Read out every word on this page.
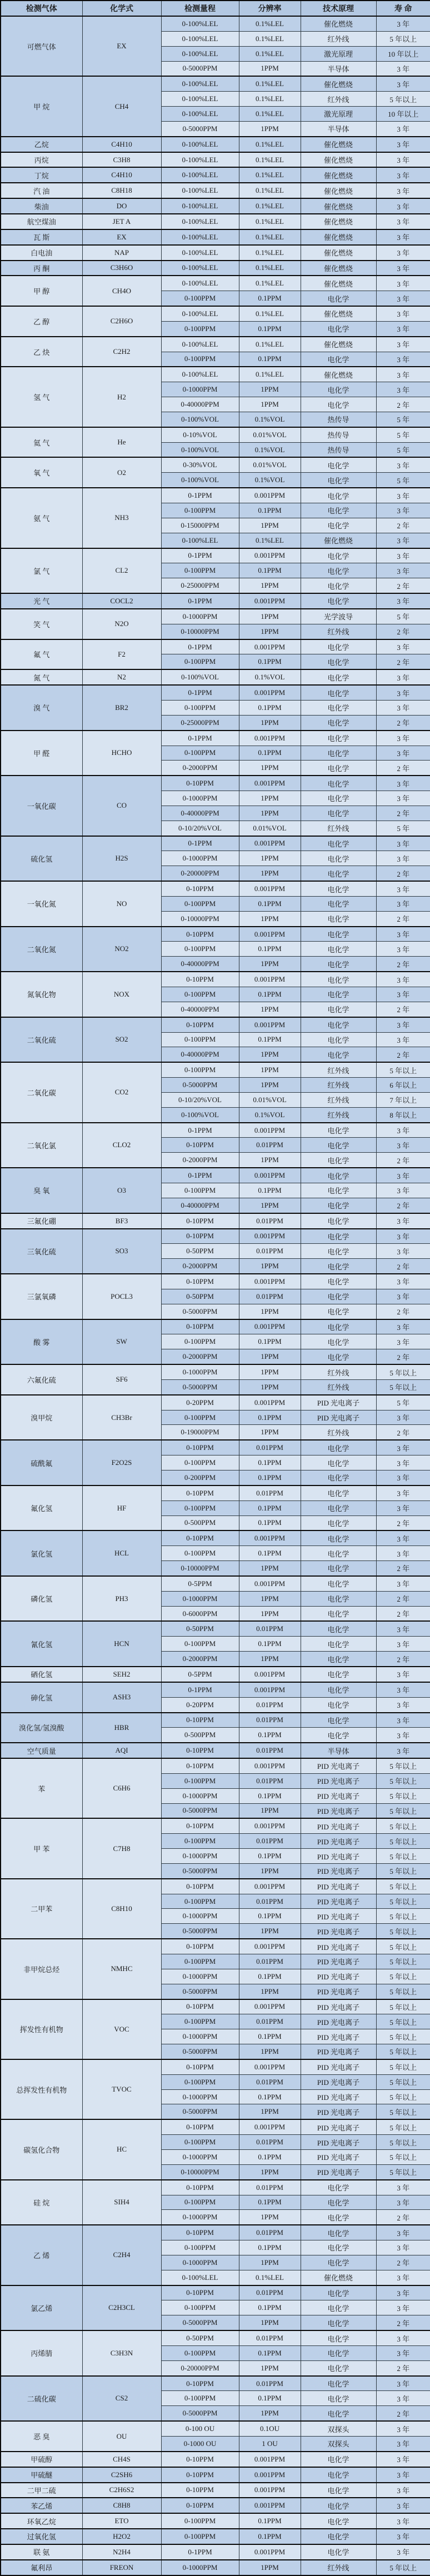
检测气体	化学式	检测量程	分辨率	技术原理	寿 命
可燃气体	EX	0-100%LEL	0.1%LEL	催化燃烧	3 年
		0-100%LEL	0.1%LEL	红外线	5 年以上
		0-100%LEL	0.1%LEL	激光原理	10 年以上
		0-5000PPM	1PPM	半导体	3 年
甲 烷	CH4	0-100%LEL	0.1%LEL	催化燃烧	3 年
		0-100%LEL	0.1%LEL	红外线	5 年以上
		0-100%LEL	0.1%LEL	激光原理	10 年以上
		0-5000PPM	1PPM	半导体	3 年
乙烷	C4H10	0-100%LEL	0.1%LEL	催化燃烧	3 年
丙烷	C3H8	0-100%LEL	0.1%LEL	催化燃烧	3 年
丁烷	C4H10	0-100%LEL	0.1%LEL	催化燃烧	3 年
汽 油	C8H18	0-100%LEL	0.1%LEL	催化燃烧	3 年
柴油	DO	0-100%LEL	0.1%LEL	催化燃烧	3 年
航空煤油	JET A	0-100%LEL	0.1%LEL	催化燃烧	3 年
瓦 斯	EX	0-100%LEL	0.1%LEL	催化燃烧	3 年
白电油	NAP	0-100%LEL	0.1%LEL	催化燃烧	3 年
丙 酮	C3H6O	0-100%LEL	0.1%LEL	催化燃烧	3 年
甲 醇	CH4O	0-100%LEL	0.1%LEL	催化燃烧	3 年
		0-100PPM	0.1PPM	电化学	3 年
乙 醇	C2H6O	0-100%LEL	0.1%LEL	催化燃烧	3 年
		0-100PPM	0.1PPM	电化学	3 年
乙 炔	C2H2	0-100%LEL	0.1%LEL	催化燃烧	3 年
		0-100PPM	0.1PPM	电化学	3 年
氢 气	H2	0-100%LEL	0.1%LEL	催化燃烧	3 年
		0-1000PPM	1PPM	电化学	3 年
		0-40000PPM	1PPM	电化学	2 年
		0-100%VOL	0.1%VOL	热传导	5 年
氦 气	He	0-10%VOL	0.01%VOL	热传导	5 年
		0-100%VOL	0.1%VOL	热传导	5 年
氧 气	O2	0-30%VOL	0.01%VOL	电化学	3 年
		0-100%VOL	0.1%VOL	电化学	5 年
氨 气	NH3	0-1PPM	0.001PPM	电化学	3 年
		0-100PPM	0.1PPM	电化学	3 年
		0-15000PPM	1PPM	电化学	2 年
		0-100%LEL	0.1%LEL	催化燃烧	3 年
氯 气	CL2	0-1PPM	0.001PPM	电化学	3 年
		0-100PPM	0.1PPM	电化学	3 年
		0-25000PPM	1PPM	电化学	2 年
光 气	COCL2	0-1PPM	0.001PPM	电化学	3 年
笑 气	N2O	0-1000PPM	1PPM	光学波导	5 年
		0-10000PPM	1PPM	红外线	2 年
氟 气	F2	0-1PPM	0.001PPM	电化学	3 年
		0-100PPM	0.1PPM	电化学	2 年
氮 气	N2	0-100%VOL	0.1%VOL	电化学	3 年
溴 气	BR2	0-1PPM	0.001PPM	电化学	3 年
		0-100PPM	0.1PPM	电化学	3 年
		0-25000PPM	1PPM	电化学	2 年
甲 醛	HCHO	0-1PPM	0.001PPM	电化学	3 年
		0-100PPM	0.1PPM	电化学	3 年
		0-2000PPM	1PPM	电化学	2 年
一氧化碳	CO	0-10PPM	0.001PPM	电化学	3 年
		0-1000PPM	1PPM	电化学	3 年
		0-40000PPM	1PPM	电化学	2 年
		0-10/20%VOL	0.01%VOL	红外线	5 年
硫化氢	H2S	0-1PPM	0.001PPM	电化学	3 年
		0-1000PPM	1PPM	电化学	3 年
		0-20000PPM	1PPM	电化学	2 年
一氧化氮	NO	0-10PPM	0.001PPM	电化学	3 年
		0-100PPM	0.1PPM	电化学	3 年
		0-10000PPM	1PPM	电化学	2 年
二氧化氮	NO2	0-10PPM	0.001PPM	电化学	3 年
		0-100PPM	0.1PPM	电化学	3 年
		0-40000PPM	1PPM	电化学	2 年
氮氧化物	NOX	0-10PPM	0.001PPM	电化学	3 年
		0-100PPM	0.1PPM	电化学	3 年
		0-40000PPM	1PPM	电化学	2 年
二氧化硫	SO2	0-10PPM	0.001PPM	电化学	3 年
		0-100PPM	0.1PPM	电化学	3 年
		0-40000PPM	1PPM	电化学	2 年
二氧化碳	CO2	0-100PPM	1PPM	红外线	5 年以上
		0-5000PPM	1PPM	红外线	6 年以上
		0-10/20%VOL	0.01%VOL	红外线	7 年以上
		0-100%VOL	0.1%VOL	红外线	8 年以上
二氧化氯	CLO2	0-1PPM	0.001PPM	电化学	3 年
		0-10PPM	0.01PPM	电化学	3 年
		0-2000PPM	1PPM	电化学	2 年
臭 氧	O3	0-1PPM	0.001PPM	电化学	3 年
		0-100PPM	0.1PPM	电化学	3 年
		0-40000PPM	1PPM	电化学	2 年
三氟化硼	BF3	0-10PPM	0.01PPM	电化学	3 年
三氧化硫	SO3	0-10PPM	0.001PPM	电化学	3 年
		0-50PPM	0.01PPM	电化学	3 年
		0-2000PPM	1PPM	电化学	2 年
三氯氧磷	POCL3	0-10PPM	0.001PPM	电化学	3 年
		0-50PPM	0.01PPM	电化学	3 年
		0-5000PPM	1PPM	电化学	2 年
酸 雾	SW	0-10PPM	0.001PPM	电化学	3 年
		0-100PPM	0.1PPM	电化学	3 年
		0-2000PPM	1PPM	电化学	2 年
六氟化硫	SF6	0-1000PPM	1PPM	红外线	5 年以上
		0-5000PPM	1PPM	红外线	5 年以上
溴甲烷	CH3Br	0-20PPM	0.001PPM	PID 光电离子	5 年
		0-100PPM	0.1PPM	PID 光电离子	3 年
		0-19000PPM	1PPM	红外线	2 年
硫酰氟	F2O2S	0-10PPM	0.01PPM	电化学	3 年
		0-100PPM	0.1PPM	电化学	3 年
		0-200PPM	0.1PPM	电化学	3 年
氟化氢	HF	0-10PPM	0.01PPM	电化学	3 年
		0-100PPM	0.1PPM	电化学	3 年
		0-500PPM	0.1PPM	电化学	2 年
氯化氢	HCL	0-10PPM	0.001PPM	电化学	3 年
		0-100PPM	0.1PPM	电化学	3 年
		0-10000PPM	1PPM	电化学	2 年
磷化氢	PH3	0-5PPM	0.001PPM	电化学	3 年
		0-1000PPM	1PPM	电化学	2 年
		0-6000PPM	1PPM	电化学	2 年
氰化氢	HCN	0-50PPM	0.01PPM	电化学	3 年
		0-100PPM	0.1PPM	电化学	3 年
		0-2000PPM	1PPM	电化学	2 年
硒化氢	SEH2	0-5PPM	0.001PPM	电化学	3 年
砷化氢	ASH3	0-1PPM	0.001PPM	电化学	3 年
		0-20PPM	0.01PPM	电化学	3 年
溴化氢/氢溴酸	HBR	0-10PPM	0.01PPM	电化学	3 年
		0-500PPM	0.1PPM	电化学	3 年
空气质量	AQI	0-10PPM	0.01PPM	半导体	3 年
苯	C6H6	0-10PPM	0.001PPM	PID 光电离子	5 年以上
		0-100PPM	0.01PPM	PID 光电离子	5 年以上
		0-1000PPM	0.1PPM	PID 光电离子	5 年以上
		0-5000PPM	1PPM	PID 光电离子	5 年以上
甲 苯	C7H8	0-10PPM	0.001PPM	PID 光电离子	5 年以上
		0-100PPM	0.01PPM	PID 光电离子	5 年以上
		0-1000PPM	0.1PPM	PID 光电离子	5 年以上
		0-5000PPM	1PPM	PID 光电离子	5 年以上
二甲苯	C8H10	0-10PPM	0.001PPM	PID 光电离子	5 年以上
		0-100PPM	0.01PPM	PID 光电离子	5 年以上
		0-1000PPM	0.1PPM	PID 光电离子	5 年以上
		0-5000PPM	1PPM	PID 光电离子	5 年以上
非甲烷总烃	NMHC	0-10PPM	0.001PPM	PID 光电离子	5 年以上
		0-100PPM	0.01PPM	PID 光电离子	5 年以上
		0-1000PPM	0.1PPM	PID 光电离子	5 年以上
		0-5000PPM	1PPM	PID 光电离子	5 年以上
挥发性有机物	VOC	0-10PPM	0.001PPM	PID 光电离子	5 年以上
		0-100PPM	0.01PPM	PID 光电离子	5 年以上
		0-1000PPM	0.1PPM	PID 光电离子	5 年以上
		0-5000PPM	1PPM	PID 光电离子	5 年以上
总挥发性有机物	TVOC	0-10PPM	0.001PPM	PID 光电离子	5 年以上
		0-100PPM	0.01PPM	PID 光电离子	5 年以上
		0-1000PPM	0.1PPM	PID 光电离子	5 年以上
		0-5000PPM	1PPM	PID 光电离子	5 年以上
碳氢化合物	HC	0-10PPM	0.001PPM	PID 光电离子	5 年以上
		0-100PPM	0.01PPM	PID 光电离子	5 年以上
		0-1000PPM	0.1PPM	PID 光电离子	5 年以上
		0-10000PPM	1PPM	PID 光电离子	5 年以上
硅 烷	SIH4	0-10PPM	0.01PPM	电化学	3 年
		0-100PPM	0.1PPM	电化学	3 年
		0-1000PPM	1PPM	电化学	2 年
乙 烯	C2H4	0-10PPM	0.01PPM	电化学	3 年
		0-100PPM	0.1PPM	电化学	3 年
		0-1000PPM	1PPM	电化学	2 年
		0-100%LEL	0.1%LEL	催化燃烧	3 年
氯乙烯	C2H3CL	0-10PPM	0.01PPM	电化学	3 年
		0-100PPM	0.1PPM	电化学	3 年
		0-5000PPM	1PPM	电化学	2 年
丙烯腈	C3H3N	0-50PPM	0.01PPM	电化学	3 年
		0-100PPM	0.1PPM	电化学	3 年
		0-20000PPM	1PPM	电化学	2 年
二硫化碳	CS2	0-10PPM	0.01PPM	电化学	3 年
		0-100PPM	0.1PPM	电化学	3 年
		0-5000PPM	1PPM	电化学	2 年
恶 臭	OU	0-100 OU	0.1OU	双探头	3 年
		0-1000 OU	1 OU	双探头	3 年
甲硫醇	CH4S	0-10PPM	0.001PPM	电化学	3 年
甲硫醚	C2SH6	0-10PPM	0.001PPM	电化学	3 年
二甲二硫	C2H6S2	0-10PPM	0.001PPM	电化学	3 年
苯乙烯	C8H8	0-10PPM	0.001PPM	电化学	3 年
环氧乙烷	ETO	0-100PPM	0.1PPM	电化学	3 年
过氧化氢	H2O2	0-100PPM	0.1PPM	电化学	3 年
联 氨	N2H4	0-1PPM	0.001PPM	电化学	3 年
氟利昂	FREON	0-1000PPM	1PPM	红外线	5 年以上
